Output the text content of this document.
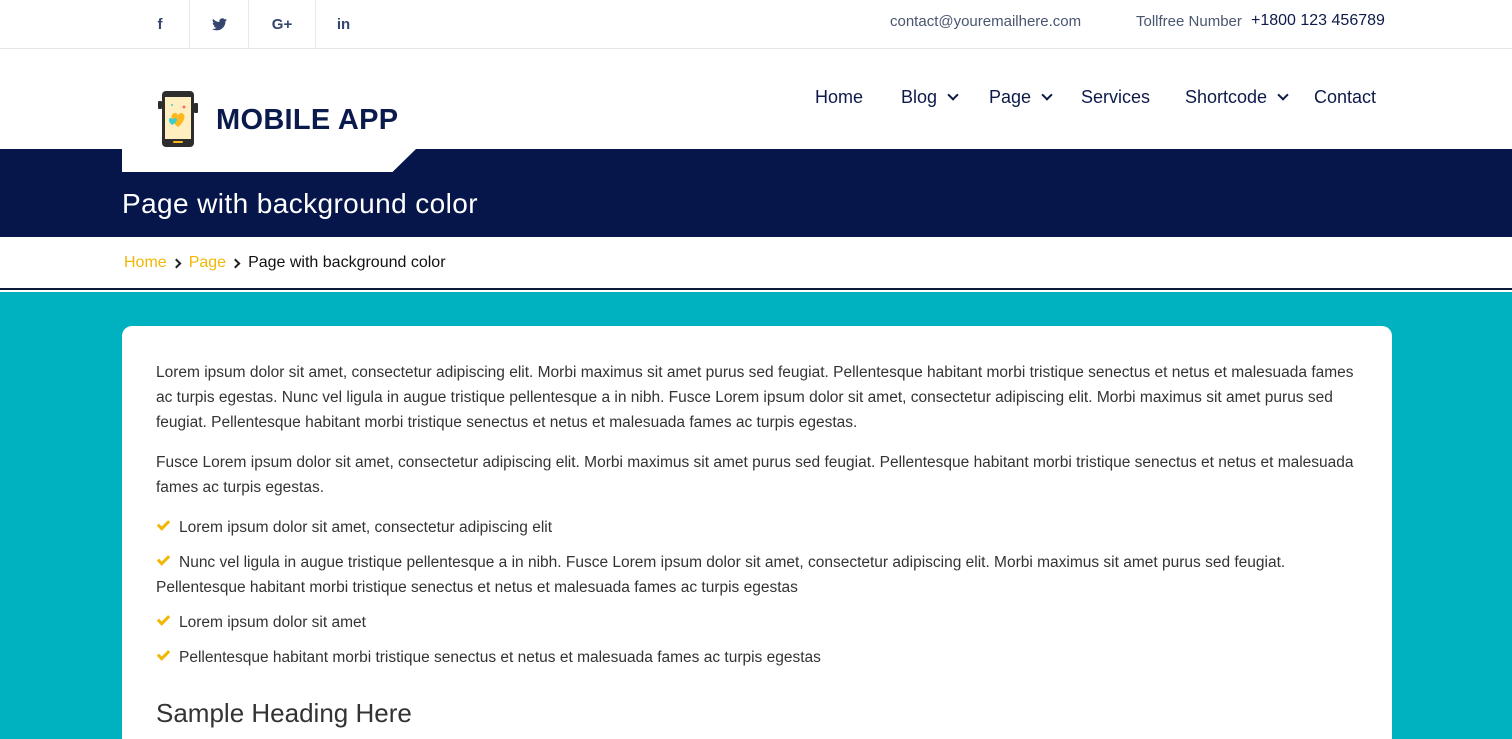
f	G+	in	contact@youremailhere.com	Tollfree Number +1800 123 456789
MOBILE APP
Home Blog	Page	Services Shortcode	Contact
Page with background color
Home Page Page with background color

Lorem ipsum dolor sit amet, consectetur adipiscing elit. Morbi maximus sit amet purus sed feugiat. Pellentesque habitant morbi tristique senectus et netus et malesuada fames ac turpis egestas. Nunc vel ligula in augue tristique pellentesque a in nibh. Fusce Lorem ipsum dolor sit amet, consectetur adipiscing elit. Morbi maximus sit amet purus sed feugiat. Pellentesque habitant morbi tristique senectus et netus et malesuada fames ac turpis egestas.

Fusce Lorem ipsum dolor sit amet, consectetur adipiscing elit. Morbi maximus sit amet purus sed feugiat. Pellentesque habitant morbi tristique senectus et netus et malesuada fames ac turpis egestas.

Lorem ipsum dolor sit amet, consectetur adipiscing elit
Nunc vel ligula in augue tristique pellentesque a in nibh. Fusce Lorem ipsum dolor sit amet, consectetur adipiscing elit. Morbi maximus sit amet purus sed feugiat. Pellentesque habitant morbi tristique senectus et netus et malesuada fames ac turpis egestas
Lorem ipsum dolor sit amet
Pellentesque habitant morbi tristique senectus et netus et malesuada fames ac turpis egestas
Sample Heading Here
